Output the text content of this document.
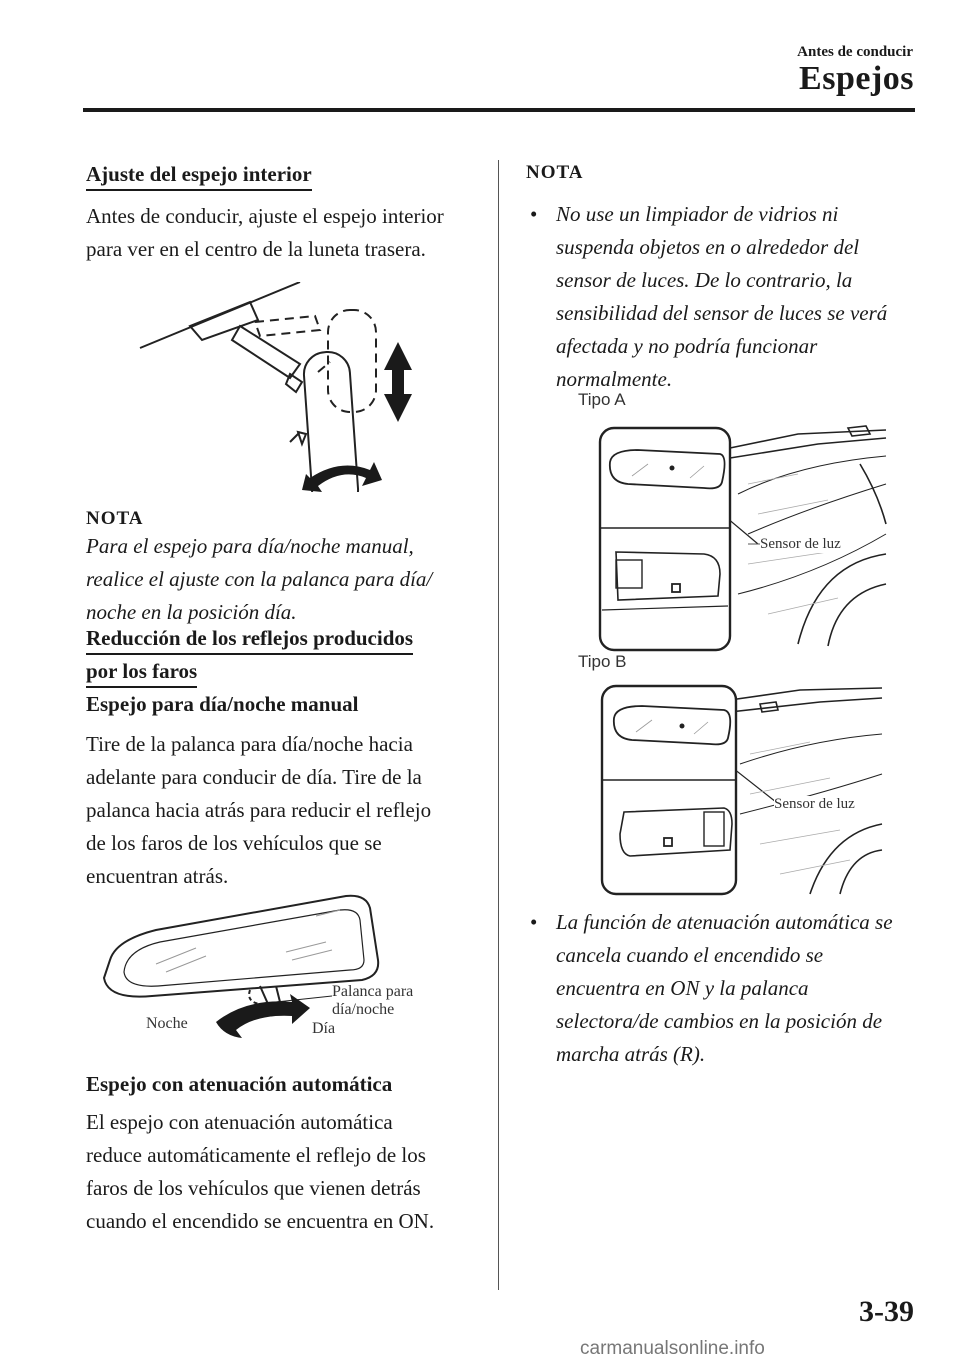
Antes de conducir
Espejos
Ajuste del espejo interior
Antes de conducir, ajuste el espejo interior
para ver en el centro de la luneta trasera.
NOTA
Para el espejo para día/noche manual,
realice el ajuste con la palanca para día/
noche en la posición día.
Reducción de los reflejos producidos
por los faros
Espejo para día/noche manual
Tire de la palanca para día/noche hacia
adelante para conducir de día. Tire de la
palanca hacia atrás para reducir el reflejo
de los faros de los vehículos que se
encuentran atrás.
Palanca para
día/noche
Noche	Día
Espejo con atenuación automática
El espejo con atenuación automática
reduce automáticamente el reflejo de los
faros de los vehículos que vienen detrás
cuando el encendido se encuentra en ON.
NOTA
• No use un limpiador de vidrios ni
suspenda objetos en o alrededor del
sensor de luces. De lo contrario, la
sensibilidad del sensor de luces se verá
afectada y no podría funcionar
normalmente.
Tipo A
Sensor de luz
Tipo B
Sensor de luz
• La función de atenuación automática se
cancela cuando el encendido se
encuentra en ON y la palanca
selectora/de cambios en la posición de
marcha atrás (R).
3-39
carmanualsonline.info
